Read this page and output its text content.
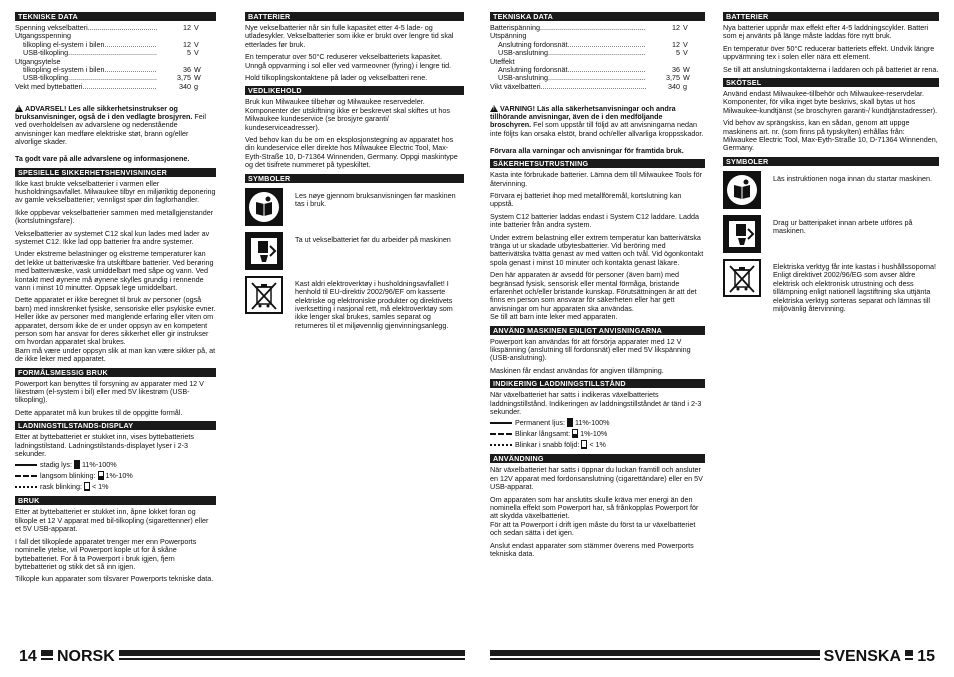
TEKNISKE DATA
Spenning vekselbatteri .....	12 V
Utgangsspenning
tilkopling el-system i bilen .....	12 V
USB-tilkopling .....	5 V
Utgangsytelse
tilkopling el-system i bilen .....	36 W
USB-tilkopling .....	3,75 W
Vekt med byttebatteri .....	340 g

!ADVARSEL! Les alle sikkerhetsinstrukser og bruksanvisninger, også de i den vedlagte brosjyren. Feil ved overholdelsen av advarslene og nedenstående anvisninger kan medføre elektriske støt, brann og/eller alvorlige skader.

Ta godt vare på alle advarslene og informasjonene.

SPESIELLE SIKKERHETSHENVISNINGER
Ikke kast brukte vekselbatterier i varmen eller husholdningsavfallet. Milwaukee tilbyr en miljøriktig deponering av gamle vekselbatterier; vennligst spør din fagforhandler.
Ikke oppbevar vekselbatterier sammen med metallgjenstander (kortslutningsfare).
Vekselbatterier av systemet C12 skal kun lades med lader av systemet C12. Ikke lad opp batterier fra andre systemer.
Under ekstreme belastninger og ekstreme temperaturer kan det lekke ut batterivæske fra utskiftbare batterier. Ved berøring med batterivæske, vask umiddelbart med såpe og vann. Ved kontakt med øynene må øynene skylles grundig i rennende vann i minst 10 minutter. Oppsøk lege umiddelbart.
Dette apparatet er ikke beregnet til bruk av personer (også barn) med innskrenket fysiske, sensoriske eller psykiske evner. Heller ikke av personer med manglende erfaring eller viten om apparatet, dersom ikke de er under oppsyn av en kompetent person som har ansvar for deres sikkerhet eller gir instrukser om hvordan apparatet skal brukes.
Barn må være under oppsyn slik at man kan være sikker på, at de ikke leker med apparatet.
FORMÅLSMESSIG BRUK
Powerport kan benyttes til forsyning av apparater med 12 V likestrøm (el-system i bil) eller med 5V likestrøm (USB-tilkopling).
Dette apparatet må kun brukes til de oppgitte formål.
LADNINGSTILSTANDS-DISPLAY
Etter at byttebatteriet er stukket inn, vises byttebatteriets ladningstilstand. Ladningstilstands-displayet lyser i 2-3 sekunder.
stadig lys: 11%-100%
langsom blinking: 1%-10%
rask blinking: < 1%
BRUK
Etter at byttebatteriet er stukket inn, åpne lokket foran og tilkople et 12 V apparat med bil-tilkopling (sigarettenner) eller et 5V USB-apparat.
I fall det tilkoplede apparatet trenger mer enn Powerports nominelle ytelse, vil Powerport kople ut for å skåne byttebatteriet. For å ta Powerport i bruk igjen, fjern byttebatteriet og stikk det så inn igjen.
Tilkople kun apparater som tilsvarer Powerports tekniske data.
BATTERIER
Nye vekselbatterier når sin fulle kapasitet etter 4-5 lade- og utladesykler. Vekselbatterier som ikke er brukt over lengre tid skal etterlades før bruk.
En temperatur over 50°C reduserer vekselbatteriets kapasitet. Unngå oppvarming i sol eller ved varmeovner (fyring) i lengre tid.
Hold tilkoplingskontaktene på lader og vekselbatteri rene.
VEDLIKEHOLD
Bruk kun Milwaukee tilbehør og Milwaukee reservedeler. Komponenter der utskiftning ikke er beskrevet skal skiftes ut hos Milwaukee kundeservice (se brosjyre garanti/ kundeserviceadresser).
Ved behov kan du be om en eksplosjonstegning av apparatet hos din kundeservice eller direkte hos Milwaukee Electric Tool, Max-Eyth-Straße 10, D-71364 Winnenden, Germany. Oppgi maskintype og det tisifrete nummeret på typeskiltet.
SYMBOLER
Les nøye gjennom bruksanvisningen før maskinen tas i bruk.
Ta ut vekselbatteriet før du arbeider på maskinen
Kast aldri elektroverktøy i husholdningsavfallet! I henhold til EU-direktiv 2002/96/EF om kasserte elektriske og elektroniske produkter og direktivets iverksetting i nasjonal rett, må elektroverktøy som ikke lenger skal brukes, samles separat og returneres til et miljøvennlig gjenvinningsanlegg.
TEKNISKA DATA
Batterispänning .....	12 V
Utspänning
Anslutning fordonsnät .....	12 V
USB-anslutning .....	5 V
Uteffekt
Anslutning fordonsnät .....	36 W
USB-anslutning .....	3,75 W
Vikt växelbatteri .....	340 g

!VARNING! Läs alla säkerhetsanvisningar och andra tillhörande anvisningar, även de i den medföljande broschyren. Fel som uppstår till följd av att anvisningarna nedan inte följts kan orsaka elstöt, brand och/eller allvarliga kroppsskador.

Förvara alla varningar och anvisningar för framtida bruk.

SÄKERHETSUTRUSTNING
Kasta inte förbrukade batterier. Lämna dem till Milwaukee Tools för återvinning.
Förvara ej batteriet ihop med metallföremål, kortslutning kan uppstå.
System C12 batterier laddas endast i System C12 laddare. Ladda inte batterier från andra system.
Under extrem belastning eller extrem temperatur kan batterivätska tränga ut ur skadade utbytesbatterier. Vid beröring med batterivätska tvätta genast av med vatten och tvål. Vid ögonkontakt spola genast i minst 10 minuter och kontakta genast läkare.
Den här apparaten är avsedd för personer (även barn) med begränsad fysisk, sensorisk eller mental förmåga, bristande erfarenhet och/eller bristande kunskap. Förutsättningen är att det finns en person som ansvarar för säkerheten eller har gett anvisningar om hur apparaten ska användas.
Se till att barn inte leker med apparaten.
ANVÄND MASKINEN ENLIGT ANVISNINGARNA
Powerport kan användas för att försörja apparater med 12 V likspänning (anslutning till fordonsnät) eller med 5V likspänning (USB-anslutning).
Maskinen får endast användas för angiven tillämpning.
INDIKERING LADDNINGSTILLSTÅND
När växelbatteriet har satts i indikeras växelbatteriets laddningstillstånd. Indikeringen av laddningstillståndet är tänd i 2-3 sekunder.
Permanent ljus: 11%-100%
Blinkar långsamt: 1%-10%
Blinkar i snabb följd: < 1%
ANVÄNDNING
När växelbatteriet har satts i öppnar du luckan framtill och ansluter en 12V apparat med fordonsanslutning (cigarettändare) eller en 5V USB-apparat.
Om apparaten som har anslutits skulle kräva mer energi än den nominella effekt som Powerport har, så frånkopplas Powerport för att skydda växelbatteriet.
För att ta Powerport i drift igen måste du först ta ur växelbatteriet och sedan sätta i det igen.
Anslut endast apparater som stämmer överens med Powerports tekniska data.
BATTERIER
Nya batterier uppnår max effekt efter 4-5 laddningscykler. Batteri som ej använts på länge måste laddas före nytt bruk.
En temperatur över 50°C reducerar batteriets effekt. Undvik längre uppvärmning tex i solen eller nära ett element.
Se till att anslutningskontakterna i laddaren och på batteriet är rena.
SKÖTSEL
Använd endast Milwaukee-tillbehör och Milwaukee-reservdelar. Komponenter, för vilka inget byte beskrivs, skall bytas ut hos Milwaukee-kundtjänst (se broschyren garanti-/ kundtjänstadresser).
Vid behov av sprängskiss, kan en sådan, genom att uppge maskinens art. nr. (som finns på typskylten) erhållas från: Milwaukee Electric Tool, Max-Eyth-Straße 10, D-71364 Winnenden, Germany.
SYMBOLER
Läs instruktionen noga innan du startar maskinen.
Drag ur batteripaket innan arbete utföres på maskinen.
Elektriska verktyg får inte kastas i hushållssoporna! Enligt direktivet 2002/96/EG som avser äldre elektrisk och elektronisk utrustning och dess tillämpning enligt nationell lagstiftning ska uttjänta elektriska verktyg sorteras separat och lämnas till miljövänlig återvinning.
14 NORSK	SVENSKA 15
